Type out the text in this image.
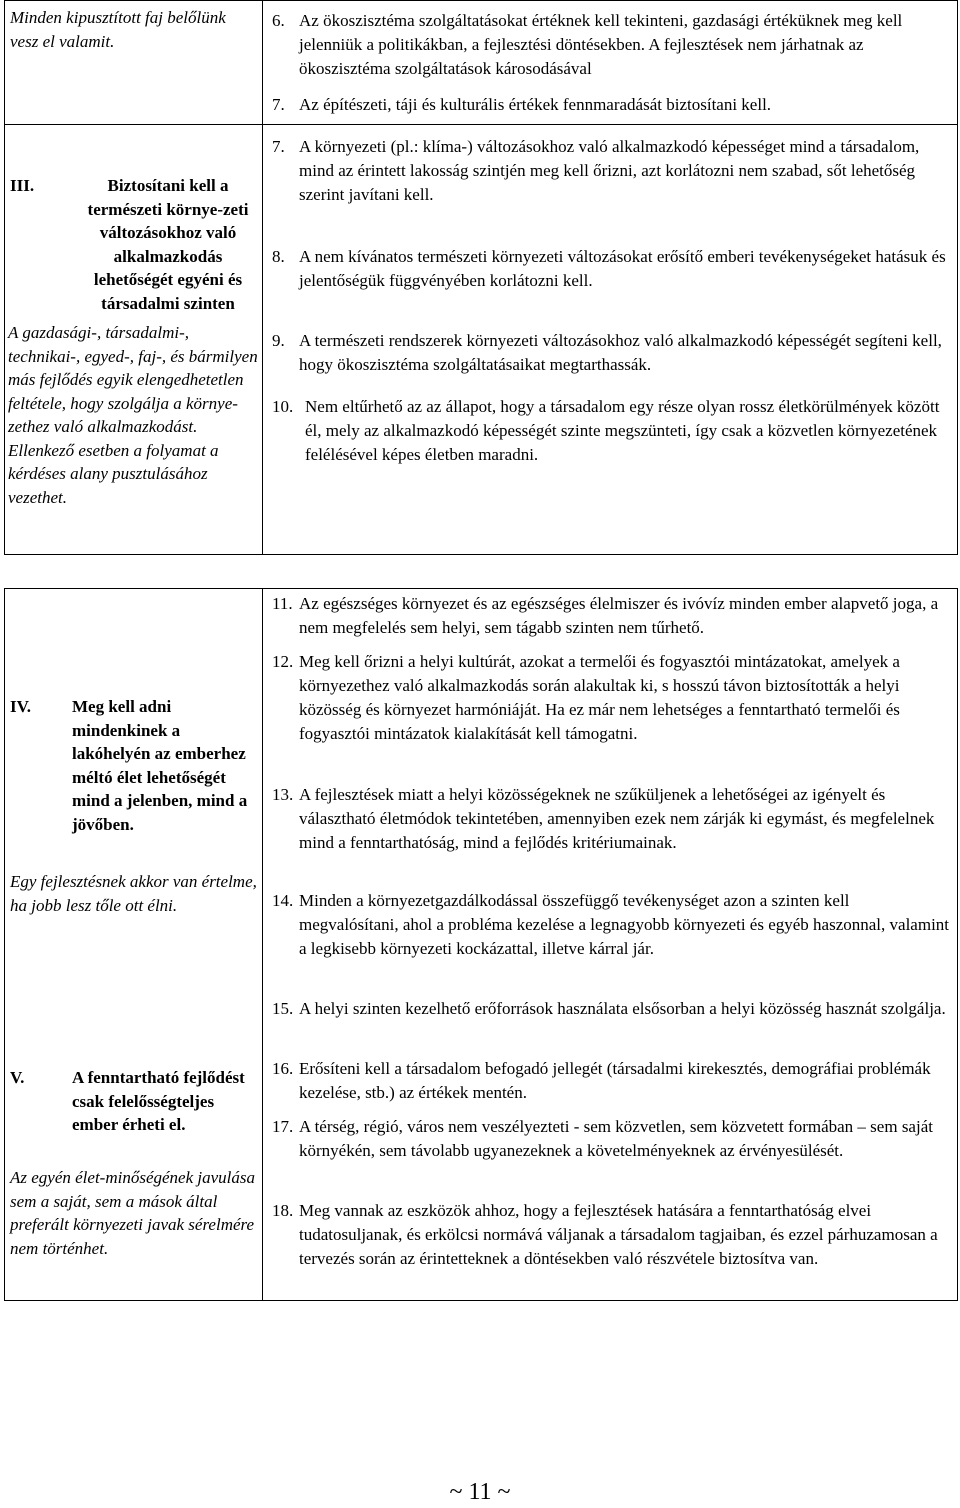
Minden kipusztított faj belőlünk vesz el valamit.
6. Az ökoszisztéma szolgáltatásokat értéknek kell tekinteni, gazdasági értéküknek meg kell jelenniük a politikákban, a fejlesztési döntésekben. A fejlesztések nem járhatnak az ökoszisztéma szolgáltatások károsodásával
7. Az építészeti, táji és kulturális értékek fennmaradását biztosítani kell.
III.	Biztosítani kell a természeti környe-zeti változásokhoz való alkalmazkodás lehetőségét egyéni és társadalmi szinten
A gazdasági-, társadalmi-, technikai-, egyed-, faj-, és bármilyen más fejlődés egyik elengedhetetlen feltétele, hogy szolgálja a környe-zethez való alkalmazkodást. Ellenkező esetben a folyamat a kérdéses alany pusztulásához vezethet.
7. A környezeti (pl.: klíma-) változásokhoz való alkalmazkodó képességet mind a társadalom, mind az érintett lakosság szintjén meg kell őrizni, azt korlátozni nem szabad, sőt lehetőség szerint javítani kell.
8. A nem kívánatos természeti környezeti változásokat erősítő emberi tevékenységeket hatásuk és jelentőségük függvényében korlátozni kell.
9. A természeti rendszerek környezeti változásokhoz való alkalmazkodó képességét segíteni kell, hogy ökoszisztéma szolgáltatásaikat megtarthassák.
10. Nem eltűrhető az az állapot, hogy a társadalom egy része olyan rossz életkörülmények között él, mely az alkalmazkodó képességét szinte megszünteti, így csak a közvetlen környezetének felélésével képes életben maradni.
IV. Meg kell adni mindenkinek a lakóhelyén az emberhez méltó élet lehetőségét mind a jelenben, mind a jövőben.
Egy fejlesztésnek akkor van értelme, ha jobb lesz tőle ott élni.
V.	A fenntartható fejlődést csak felelősségteljes ember érheti el.
Az egyén élet-minőségének javulása sem a saját, sem a mások által preferált környezeti javak sérelmére nem történhet.
11. Az egészséges környezet és az egészséges élelmiszer és ivóvíz minden ember alapvető joga, a nem megfelelés sem helyi, sem tágabb szinten nem tűrhető.
12. Meg kell őrizni a helyi kultúrát, azokat a termelői és fogyasztói mintázatokat, amelyek a környezethez való alkalmazkodás során alakultak ki, s hosszú távon biztosították a helyi közösség és környezet harmóniáját. Ha ez már nem lehetséges a fenntartható termelői és fogyasztói mintázatok kialakítását kell támogatni.
13. A fejlesztések miatt a helyi közösségeknek ne szűküljenek a lehetőségei az igényelt és választható életmódok tekintetében, amennyiben ezek nem zárják ki egymást, és megfelelnek mind a fenntarthatóság, mind a fejlődés kritériumainak.
14. Minden a környezetgazdálkodással összefüggő tevékenységet azon a szinten kell megvalósítani, ahol a probléma kezelése a legnagyobb környezeti és egyéb haszonnal, valamint a legkisebb környezeti kockázattal, illetve kárral jár.
15. A helyi szinten kezelhető erőforrások használata elsősorban a helyi közösség hasznát szolgálja.
16. Erősíteni kell a társadalom befogadó jellegét (társadalmi kirekesztés, demográfiai problémák kezelése, stb.) az értékek mentén.
17. A térség, régió, város nem veszélyezteti - sem közvetlen, sem közvetett formában – sem saját környékén, sem távolabb ugyanezeknek a követelményeknek az érvényesülését.
18. Meg vannak az eszközök ahhoz, hogy a fejlesztések hatására a fenntarthatóság elvei tudatosuljanak, és erkölcsi normává váljanak a társadalom tagjaiban, és ezzel párhuzamosan a tervezés során az érintetteknek a döntésekben való részvétele biztosítva van.
~ 11 ~
